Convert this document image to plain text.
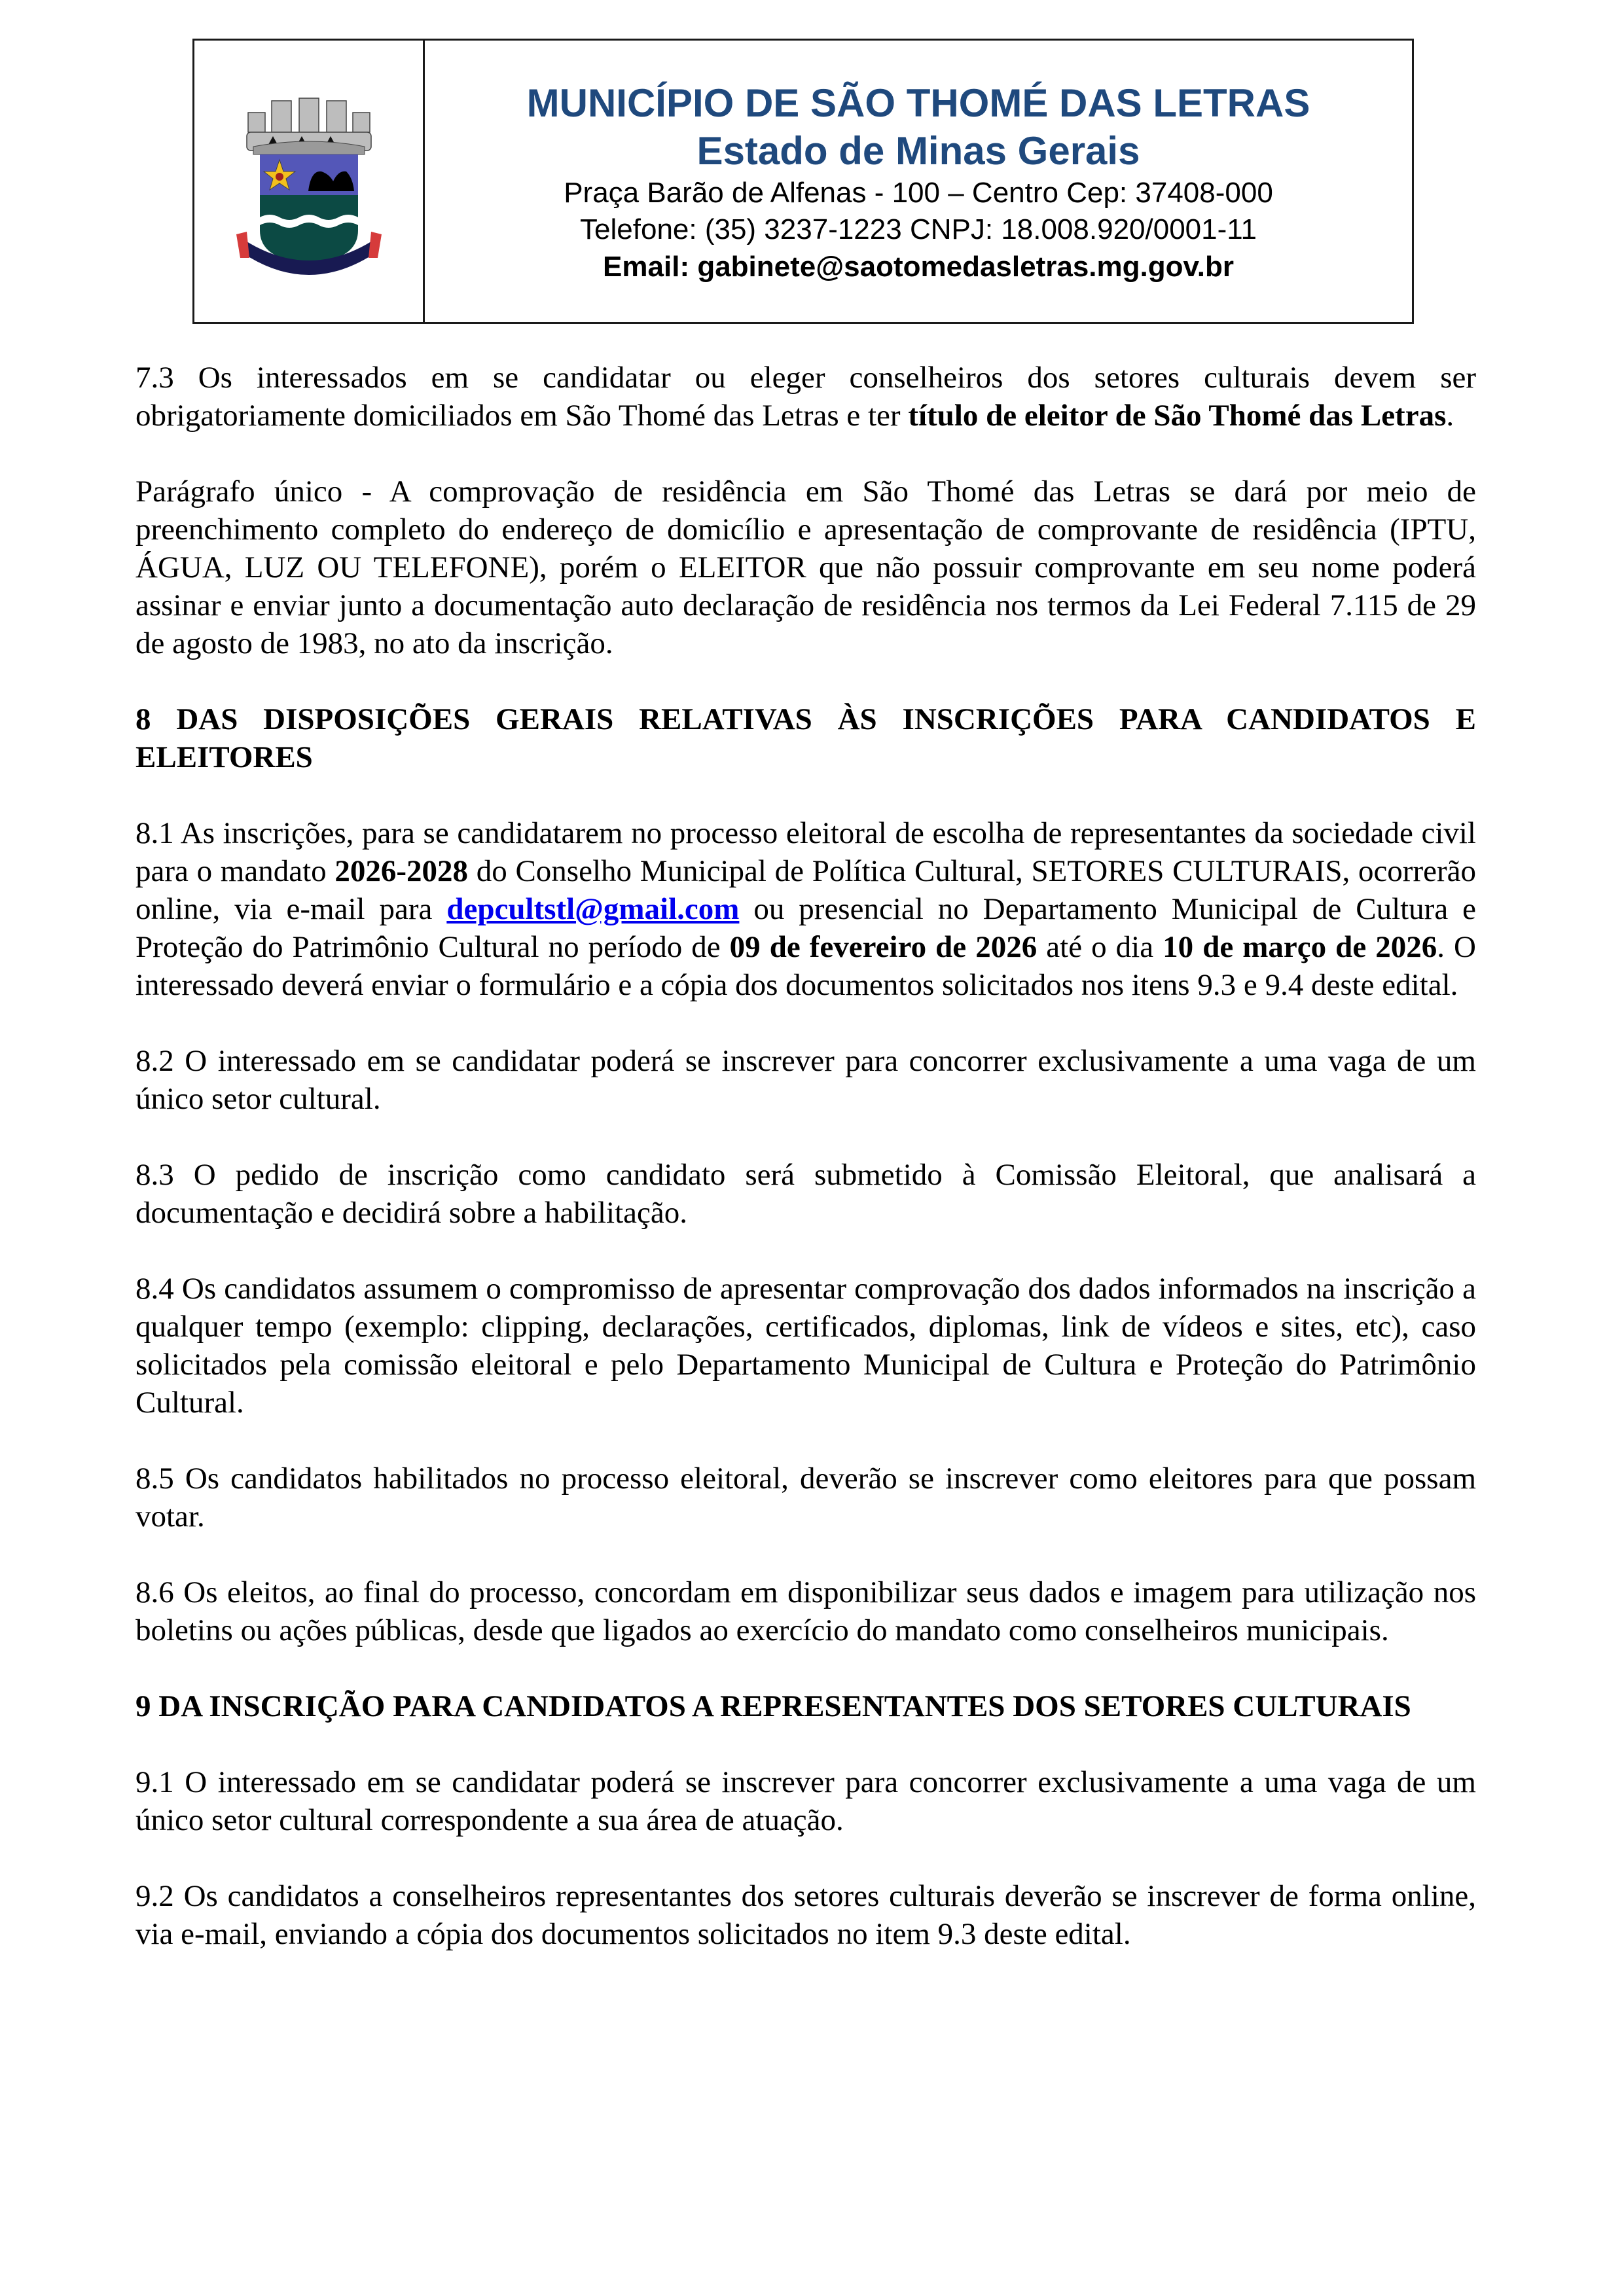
MUNICÍPIO DE SÃO THOMÉ DAS LETRAS
Estado de Minas Gerais
Praça Barão de Alfenas - 100 – Centro Cep: 37408-000
Telefone: (35) 3237-1223 CNPJ: 18.008.920/0001-11
Email: gabinete@saotomedasletras.mg.gov.br

7.3 Os interessados em se candidatar ou eleger conselheiros dos setores culturais devem ser obrigatoriamente domiciliados em São Thomé das Letras e ter título de eleitor de São Thomé das Letras.

Parágrafo único - A comprovação de residência em São Thomé das Letras se dará por meio de preenchimento completo do endereço de domicílio e apresentação de comprovante de residência (IPTU, ÁGUA, LUZ OU TELEFONE), porém o ELEITOR que não possuir comprovante em seu nome poderá assinar e enviar junto a documentação auto declaração de residência nos termos da Lei Federal 7.115 de 29 de agosto de 1983, no ato da inscrição.

8 DAS DISPOSIÇÕES GERAIS RELATIVAS ÀS INSCRIÇÕES PARA CANDIDATOS E ELEITORES

8.1 As inscrições, para se candidatarem no processo eleitoral de escolha de representantes da sociedade civil para o mandato 2026-2028 do Conselho Municipal de Política Cultural, SETORES CULTURAIS, ocorrerão online, via e-mail para depcultstl@gmail.com ou presencial no Departamento Municipal de Cultura e Proteção do Patrimônio Cultural no período de 09 de fevereiro de 2026 até o dia 10 de março de 2026. O interessado deverá enviar o formulário e a cópia dos documentos solicitados nos itens 9.3 e 9.4 deste edital.

8.2 O interessado em se candidatar poderá se inscrever para concorrer exclusivamente a uma vaga de um único setor cultural.

8.3 O pedido de inscrição como candidato será submetido à Comissão Eleitoral, que analisará a documentação e decidirá sobre a habilitação.

8.4 Os candidatos assumem o compromisso de apresentar comprovação dos dados informados na inscrição a qualquer tempo (exemplo: clipping, declarações, certificados, diplomas, link de vídeos e sites, etc), caso solicitados pela comissão eleitoral e pelo Departamento Municipal de Cultura e Proteção do Patrimônio Cultural.

8.5 Os candidatos habilitados no processo eleitoral, deverão se inscrever como eleitores para que possam votar.

8.6 Os eleitos, ao final do processo, concordam em disponibilizar seus dados e imagem para utilização nos boletins ou ações públicas, desde que ligados ao exercício do mandato como conselheiros municipais.

9 DA INSCRIÇÃO PARA CANDIDATOS A REPRESENTANTES DOS SETORES CULTURAIS

9.1 O interessado em se candidatar poderá se inscrever para concorrer exclusivamente a uma vaga de um único setor cultural correspondente a sua área de atuação.

9.2 Os candidatos a conselheiros representantes dos setores culturais deverão se inscrever de forma online, via e-mail, enviando a cópia dos documentos solicitados no item 9.3 deste edital.
